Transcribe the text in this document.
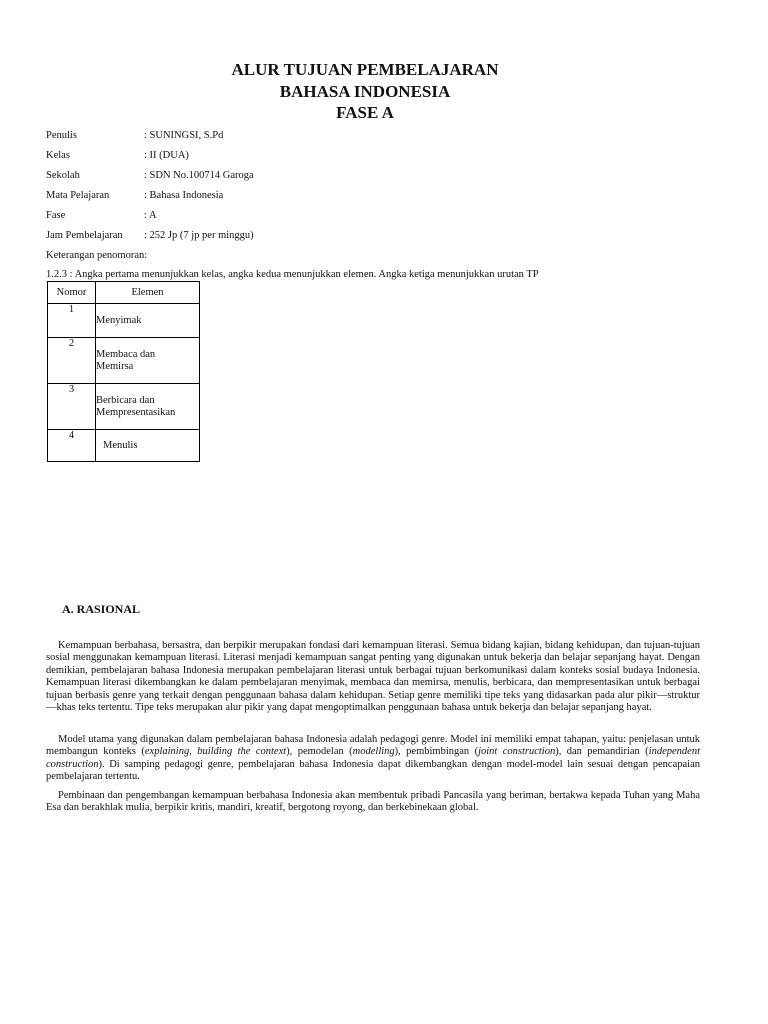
ALUR TUJUAN PEMBELAJARAN
BAHASA INDONESIA
FASE A
Penulis	: SUNINGSI, S.Pd
Kelas	: II (DUA)
Sekolah	: SDN No.100714 Garoga
Mata Pelajaran	: Bahasa Indonesia
Fase	: A
Jam Pembelajaran : 252 Jp (7 jp per minggu)
Keterangan penomoran:
1.2.3 : Angka pertama menunjukkan kelas, angka kedua menunjukkan elemen. Angka ketiga menunjukkan urutan TP
Nomor	Elemen
1	Menyimak

2	Membaca dan
Memirsa

3	Berbicara dan
Mempresentasikan

4	Menulis
A. RASIONAL

Kemampuan berbahasa, bersastra, dan berpikir merupakan fondasi dari kemampuan literasi. Semua bidang kajian, bidang kehidupan, dan tujuan-tujuan sosial menggunakan kemampuan literasi. Literasi menjadi kemampuan sangat penting yang digunakan untuk bekerja dan belajar sepanjang hayat. Dengan demikian, pembelajaran bahasa Indonesia merupakan pembelajaran literasi untuk berbagai tujuan berkomunikasi dalam konteks sosial budaya Indonesia. Kemampuan literasi dikembangkan ke dalam pembelajaran menyimak, membaca dan memirsa, menulis, berbicara, dan mempresentasikan untuk berbagai tujuan berbasis genre yang terkait dengan penggunaan bahasa dalam kehidupan. Setiap genre memiliki tipe teks yang didasarkan pada alur pikir—struktur—khas teks tertentu. Tipe teks merupakan alur pikir yang dapat mengoptimalkan penggunaan bahasa untuk bekerja dan belajar sepanjang hayat.

Model utama yang digunakan dalam pembelajaran bahasa Indonesia adalah pedagogi genre. Model ini memiliki empat tahapan, yaitu: penjelasan untuk membangun konteks (explaining, building the context), pemodelan (modelling), pembimbingan (joint construction), dan pemandirian (independent construction). Di samping pedagogi genre, pembelajaran bahasa Indonesia dapat dikembangkan dengan model-model lain sesuai dengan pencapaian pembelajaran tertentu.

Pembinaan dan pengembangan kemampuan berbahasa Indonesia akan membentuk pribadi Pancasila yang beriman, bertakwa kepada Tuhan yang Maha Esa dan berakhlak mulia, berpikir kritis, mandiri, kreatif, bergotong royong, dan berkebinekaan global.
